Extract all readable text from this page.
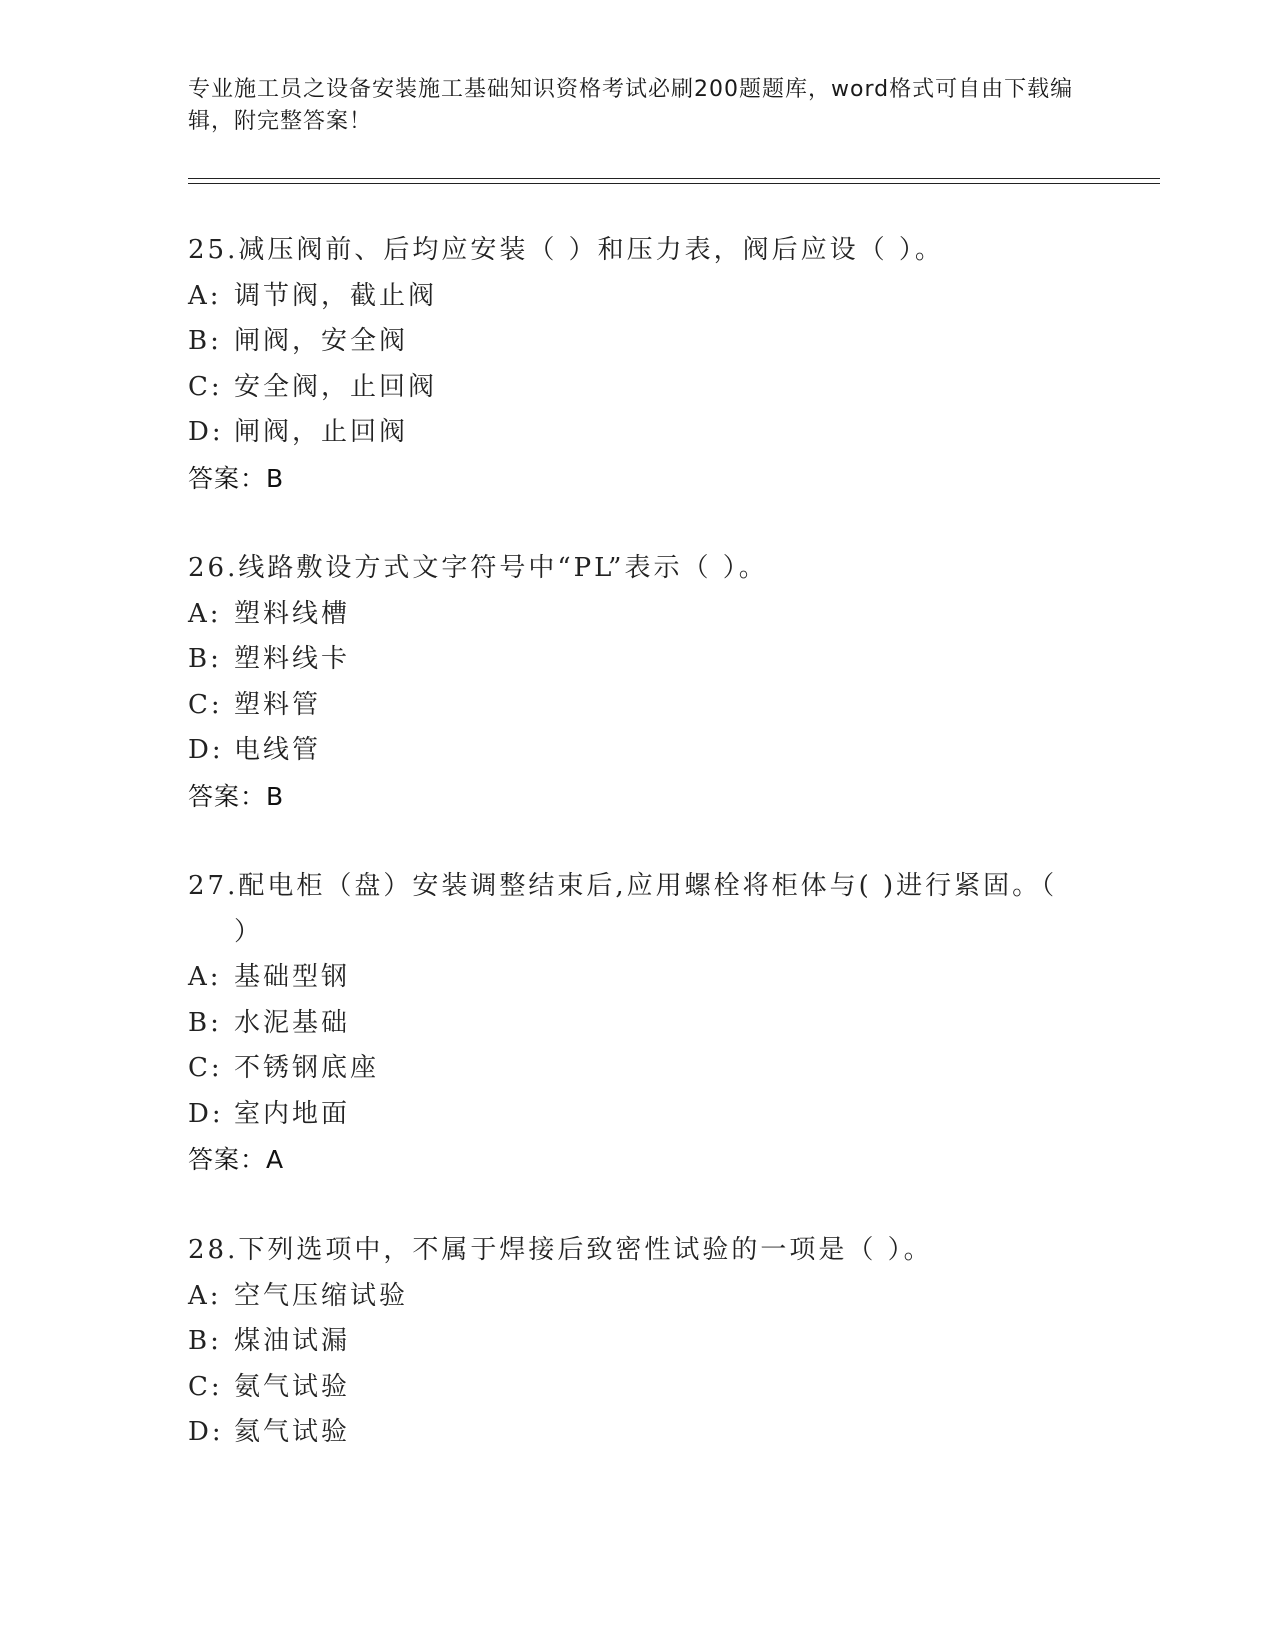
专业施工员之设备安装施工基础知识资格考试必刷200题题库，word格式可自由下载编辑，附完整答案！
25.减压阀前、后均应安装（ ）和压力表，阀后应设（ ）。
A: 调节阀，截止阀
B: 闸阀，安全阀
C: 安全阀，止回阀
D: 闸阀，止回阀
答案：B
26.线路敷设方式文字符号中“PL”表示（ ）。
A: 塑料线槽
B: 塑料线卡
C: 塑料管
D: 电线管
答案：B
27.配电柜（盘）安装调整结束后,应用螺栓将柜体与( )进行紧固。（
）
A: 基础型钢
B: 水泥基础
C: 不锈钢底座
D: 室内地面
答案：A
28.下列选项中，不属于焊接后致密性试验的一项是（ ）。
A: 空气压缩试验
B: 煤油试漏
C: 氨气试验
D: 氦气试验
